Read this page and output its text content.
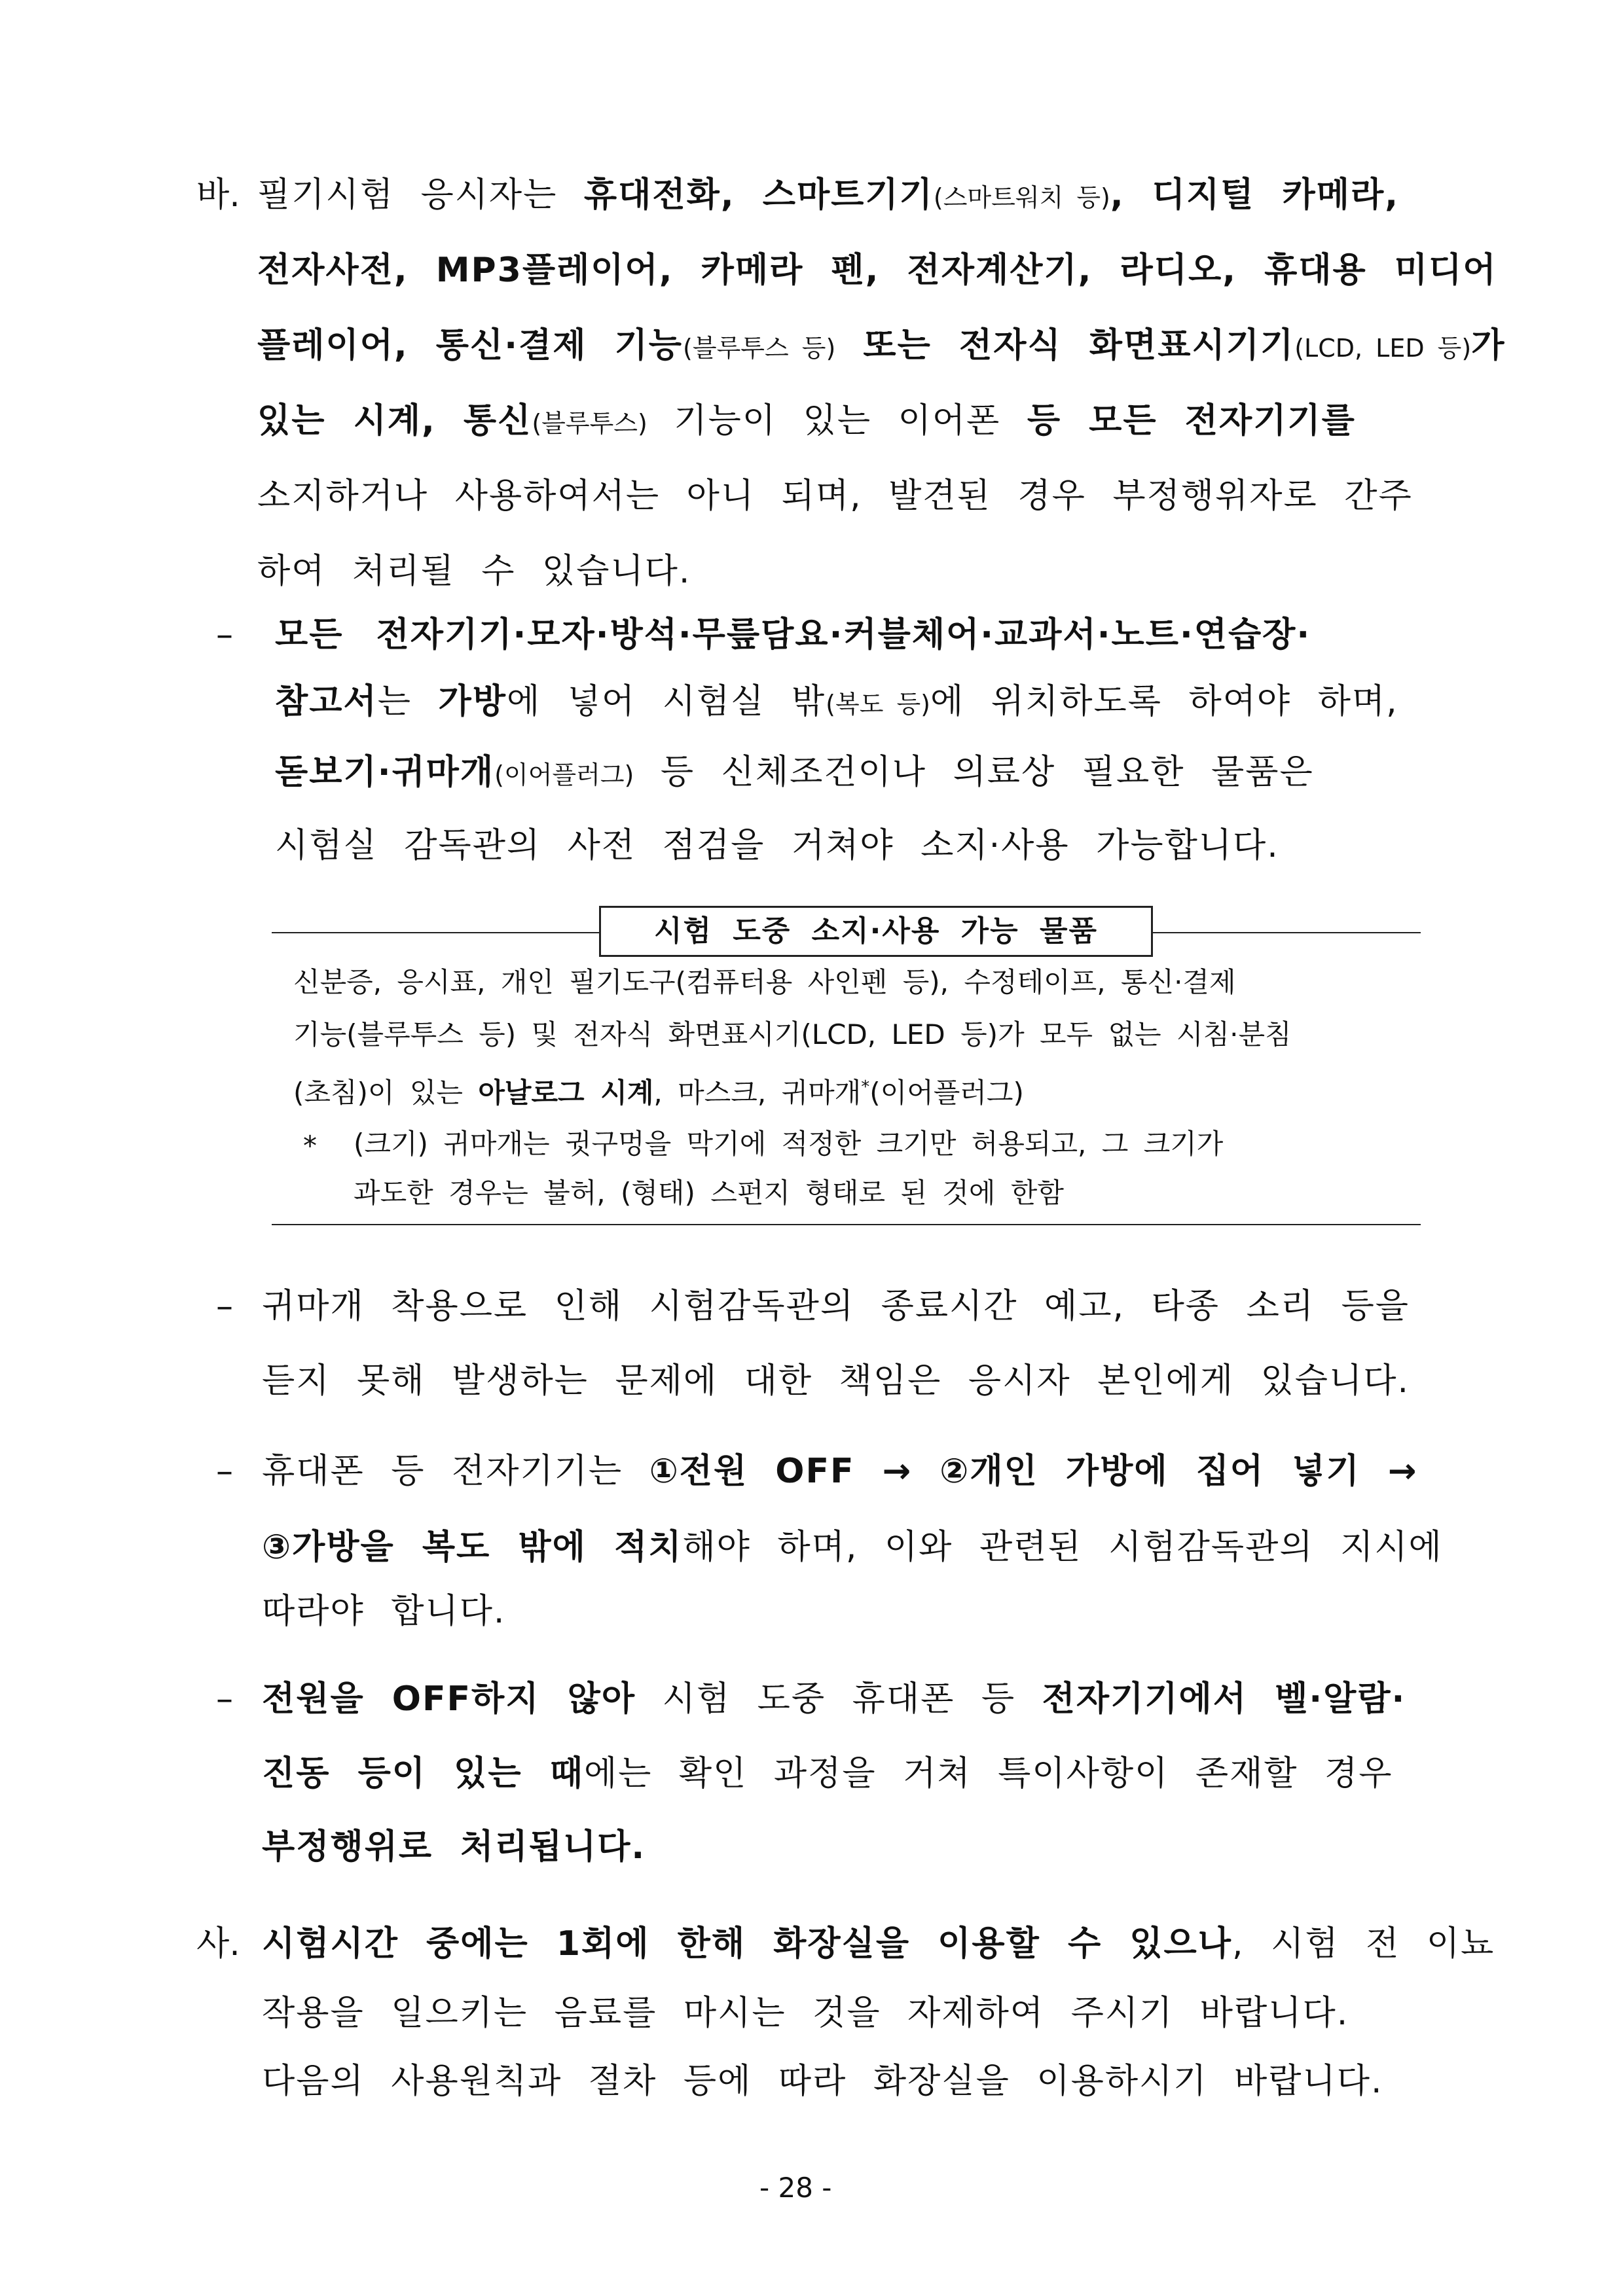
바. 필기시험 응시자는 휴대전화, 스마트기기(스마트워치 등), 디지털 카메라,
전자사전, MP3플레이어, 카메라 펜, 전자계산기, 라디오, 휴대용 미디어
플레이어, 통신·결제 기능(블루투스 등) 또는 전자식 화면표시기기(LCD, LED 등)가
있는 시계, 통신(블루투스) 기능이 있는 이어폰 등 모든 전자기기를
소지하거나 사용하여서는 아니 되며, 발견된 경우 부정행위자로 간주
하여 처리될 수 있습니다.
– 모든 전자기기·모자·방석·무릎담요·커블체어·교과서·노트·연습장·
참고서는 가방에 넣어 시험실 밖(복도 등)에 위치하도록 하여야 하며,
돋보기·귀마개(이어플러그) 등 신체조건이나 의료상 필요한 물품은
시험실 감독관의 사전 점검을 거쳐야 소지·사용 가능합니다.
시험 도중 소지·사용 가능 물품
신분증, 응시표, 개인 필기도구(컴퓨터용 사인펜 등), 수정테이프, 통신·결제
기능(블루투스 등) 및 전자식 화면표시기(LCD, LED 등)가 모두 없는 시침·분침
(초침)이 있는 아날로그 시계, 마스크, 귀마개*(이어플러그)
* (크기) 귀마개는 귓구멍을 막기에 적정한 크기만 허용되고, 그 크기가
과도한 경우는 불허, (형태) 스펀지 형태로 된 것에 한함
– 귀마개 착용으로 인해 시험감독관의 종료시간 예고, 타종 소리 등을
듣지 못해 발생하는 문제에 대한 책임은 응시자 본인에게 있습니다.
– 휴대폰 등 전자기기는 ①전원 OFF → ②개인 가방에 집어 넣기 →
③가방을 복도 밖에 적치해야 하며, 이와 관련된 시험감독관의 지시에
따라야 합니다.
– 전원을 OFF하지 않아 시험 도중 휴대폰 등 전자기기에서 벨·알람·
진동 등이 있는 때에는 확인 과정을 거쳐 특이사항이 존재할 경우
부정행위로 처리됩니다.
사. 시험시간 중에는 1회에 한해 화장실을 이용할 수 있으나, 시험 전 이뇨
작용을 일으키는 음료를 마시는 것을 자제하여 주시기 바랍니다.
다음의 사용원칙과 절차 등에 따라 화장실을 이용하시기 바랍니다.
- 28 -
